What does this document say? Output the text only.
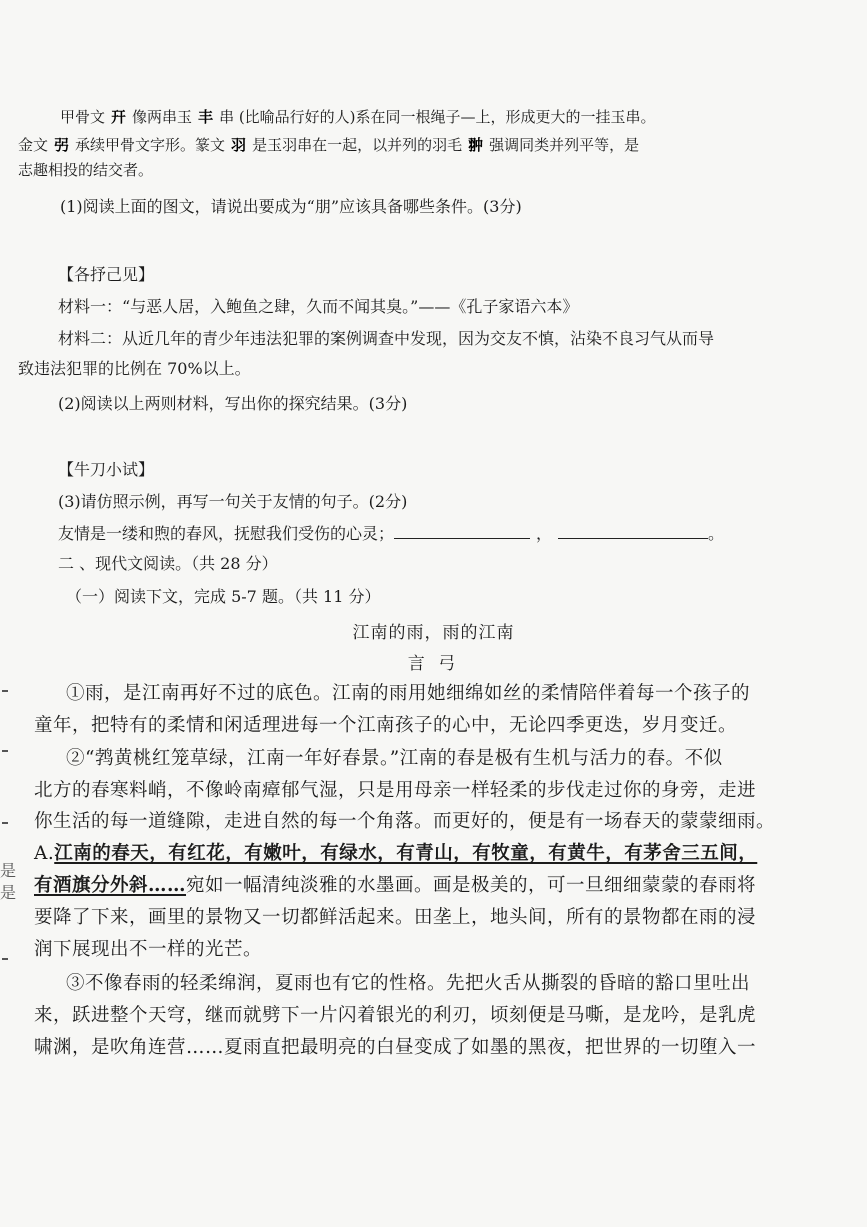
甲骨文 幵 像两串玉 丰 串 (比喻品行好的人)系在同一根绳子—上，形成更大的一挂玉串。
金文 弜 承续甲骨文字形。篆文 羽 是玉羽串在一起，以并列的羽毛 翀 强调同类并列平等，是
志趣相投的结交者。
(1)阅读上面的图文，请说出要成为“朋”应该具备哪些条件。(3分)
【各抒己见】
材料一：“与恶人居，入鲍鱼之肆，久而不闻其臭。”——《孔子家语六本》
材料二：从近几年的青少年违法犯罪的案例调查中发现，因为交友不慎，沾染不良习气从而导
致违法犯罪的比例在 70%以上。
(2)阅读以上两则材料，写出你的探究结果。(3分)
【牛刀小试】
(3)请仿照示例，再写一句关于友情的句子。(2分)
友情是一缕和煦的春风，抚慰我们受伤的心灵；	，	。
二 、现代文阅读。（共 28 分）
（一）阅读下文，完成 5-7 题。（共 11 分）
江南的雨，雨的江南
言 弓
①雨，是江南再好不过的底色。江南的雨用她细绵如丝的柔情陪伴着每一个孩子的
童年，把特有的柔情和闲适理进每一个江南孩子的心中，无论四季更迭，岁月变迁。
②“鹁黄桃红笼草绿，江南一年好春景。”江南的春是极有生机与活力的春。不似
北方的春寒料峭，不像岭南瘴郁气湿，只是用母亲一样轻柔的步伐走过你的身旁，走进
你生活的每一道缝隙，走进自然的每一个角落。而更好的，便是有一场春天的蒙蒙细雨。
A.江南的春天，有红花，有嫩叶，有绿水，有青山，有牧童，有黄牛，有茅舍三五间，
有酒旗分外斜……宛如一幅清纯淡雅的水墨画。画是极美的，可一旦细细蒙蒙的春雨将
要降了下来，画里的景物又一切都鲜活起来。田垄上，地头间，所有的景物都在雨的浸
润下展现出不一样的光芒。
③不像春雨的轻柔绵润，夏雨也有它的性格。先把火舌从撕裂的昏暗的豁口里吐出
来，跃进整个天穹，继而就劈下一片闪着银光的利刃，顷刻便是马嘶，是龙吟，是乳虎
啸渊，是吹角连营……夏雨直把最明亮的白昼变成了如墨的黑夜，把世界的一切堕入一
是
是
